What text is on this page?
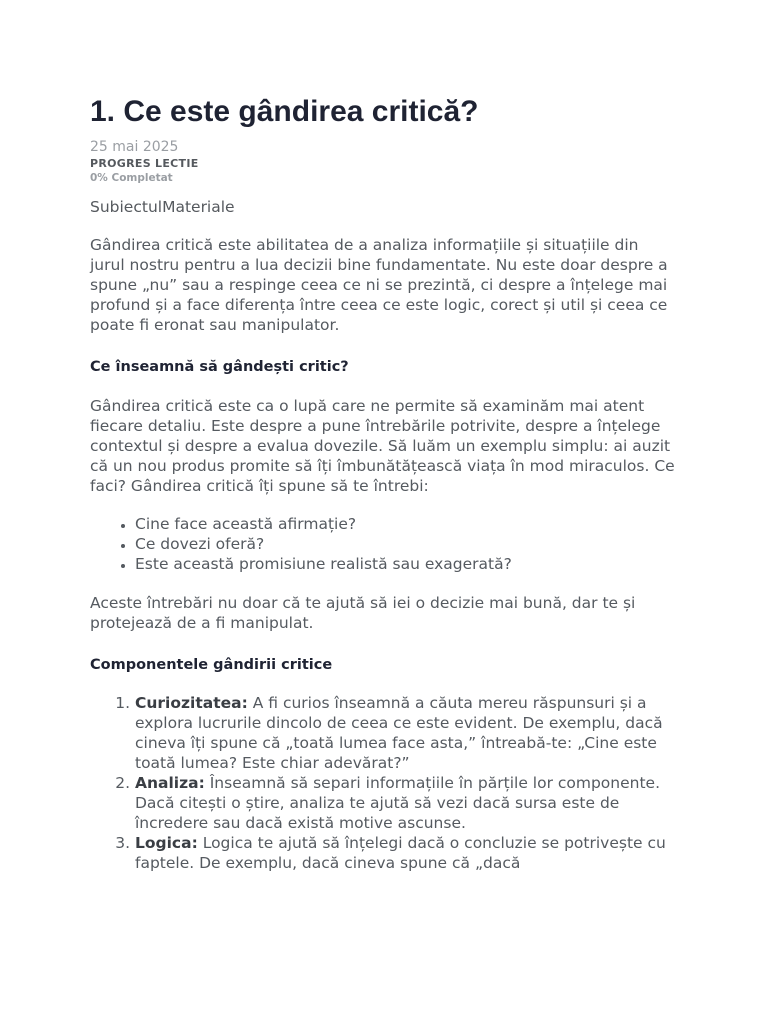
1. Ce este gândirea critică?
25 mai 2025
PROGRES LECTIE
0% Completat
Subiectul Materiale

Gândirea critică este abilitatea de a analiza informațiile și situațiile din jurul nostru pentru a lua decizii bine fundamentate. Nu este doar despre a spune „nu” sau a respinge ceea ce ni se prezintă, ci despre a înțelege mai profund și a face diferența între ceea ce este logic, corect și util și ceea ce poate fi eronat sau manipulator.

Ce înseamnă să gândești critic?

Gândirea critică este ca o lupă care ne permite să examinăm mai atent fiecare detaliu. Este despre a pune întrebările potrivite, despre a înțelege contextul și despre a evalua dovezile. Să luăm un exemplu simplu: ai auzit că un nou produs promite să îți îmbunătățească viața în mod miraculos. Ce faci? Gândirea critică îți spune să te întrebi:

• Cine face această afirmație?
• Ce dovezi oferă?
• Este această promisiune realistă sau exagerată?

Aceste întrebări nu doar că te ajută să iei o decizie mai bună, dar te și protejează de a fi manipulat.

Componentele gândirii critice
1. Curiozitatea: A fi curios înseamnă a căuta mereu răspunsuri și a explora lucrurile dincolo de ceea ce este evident. De exemplu, dacă cineva îți spune că „toată lumea face asta,” întreabă-te: „Cine este toată lumea? Este chiar adevărat?”
2. Analiza: Înseamnă să separi informațiile în părțile lor componente. Dacă citești o știre, analiza te ajută să vezi dacă sursa este de încredere sau dacă există motive ascunse.
3. Logica: Logica te ajută să înțelegi dacă o concluzie se potrivește cu faptele. De exemplu, dacă cineva spune că „dacă
